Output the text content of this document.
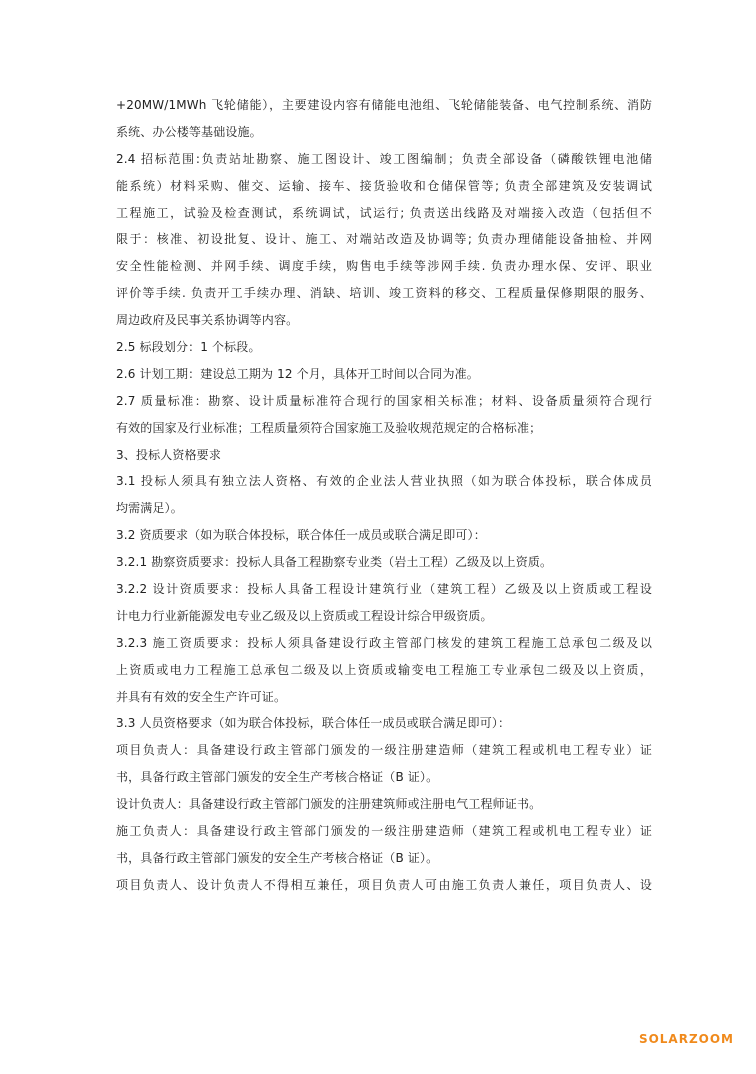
+20MW/1MWh 飞轮储能），主要建设内容有储能电池组、飞轮储能装备、电气控制系统、消防
系统、办公楼等基础设施。
2.4 招标范围:负责站址勘察、施工图设计、竣工图编制；负责全部设备（磷酸铁锂电池储
能系统）材料采购、催交、运输、接车、接货验收和仓储保管等; 负责全部建筑及安装调试
工程施工，试验及检查测试，系统调试，试运行; 负责送出线路及对端接入改造（包括但不
限于：核准、初设批复、设计、施工、对端站改造及协调等; 负责办理储能设备抽检、并网
安全性能检测、并网手续、调度手续，购售电手续等涉网手续. 负责办理水保、安评、职业
评价等手续. 负责开工手续办理、消缺、培训、竣工资料的移交、工程质量保修期限的服务、
周边政府及民事关系协调等内容。
2.5 标段划分：1 个标段。
2.6 计划工期：建设总工期为 12 个月，具体开工时间以合同为准。
2.7 质量标准：勘察、设计质量标准符合现行的国家相关标准；材料、设备质量须符合现行
有效的国家及行业标准；工程质量须符合国家施工及验收规范规定的合格标准；
3、投标人资格要求
3.1 投标人须具有独立法人资格、有效的企业法人营业执照（如为联合体投标，联合体成员
均需满足）。
3.2 资质要求（如为联合体投标，联合体任一成员或联合满足即可）：
3.2.1 勘察资质要求：投标人具备工程勘察专业类（岩土工程）乙级及以上资质。
3.2.2 设计资质要求：投标人具备工程设计建筑行业（建筑工程）乙级及以上资质或工程设
计电力行业新能源发电专业乙级及以上资质或工程设计综合甲级资质。
3.2.3 施工资质要求：投标人须具备建设行政主管部门核发的建筑工程施工总承包二级及以
上资质或电力工程施工总承包二级及以上资质或输变电工程施工专业承包二级及以上资质，
并具有有效的安全生产许可证。
3.3 人员资格要求（如为联合体投标，联合体任一成员或联合满足即可）：
项目负责人：具备建设行政主管部门颁发的一级注册建造师（建筑工程或机电工程专业）证
书，具备行政主管部门颁发的安全生产考核合格证（B 证）。
设计负责人：具备建设行政主管部门颁发的注册建筑师或注册电气工程师证书。
施工负责人：具备建设行政主管部门颁发的一级注册建造师（建筑工程或机电工程专业）证
书，具备行政主管部门颁发的安全生产考核合格证（B 证）。
项目负责人、设计负责人不得相互兼任，项目负责人可由施工负责人兼任，项目负责人、设
SOLARZOOM
